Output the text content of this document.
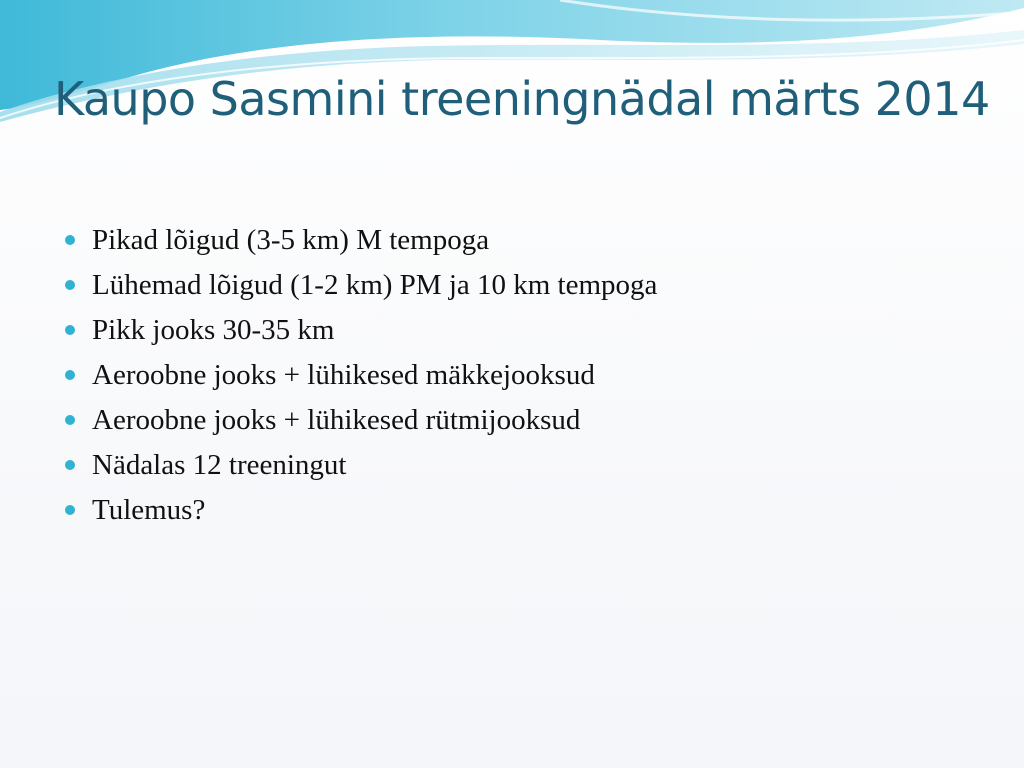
Kaupo Sasmini treeningnädal märts 2014
Pikad lõigud (3-5 km) M tempoga
Lühemad lõigud (1-2 km) PM ja 10 km tempoga
Pikk jooks 30-35 km
Aeroobne jooks + lühikesed mäkkejooksud
Aeroobne jooks + lühikesed rütmijooksud
Nädalas 12 treeningut
Tulemus?
